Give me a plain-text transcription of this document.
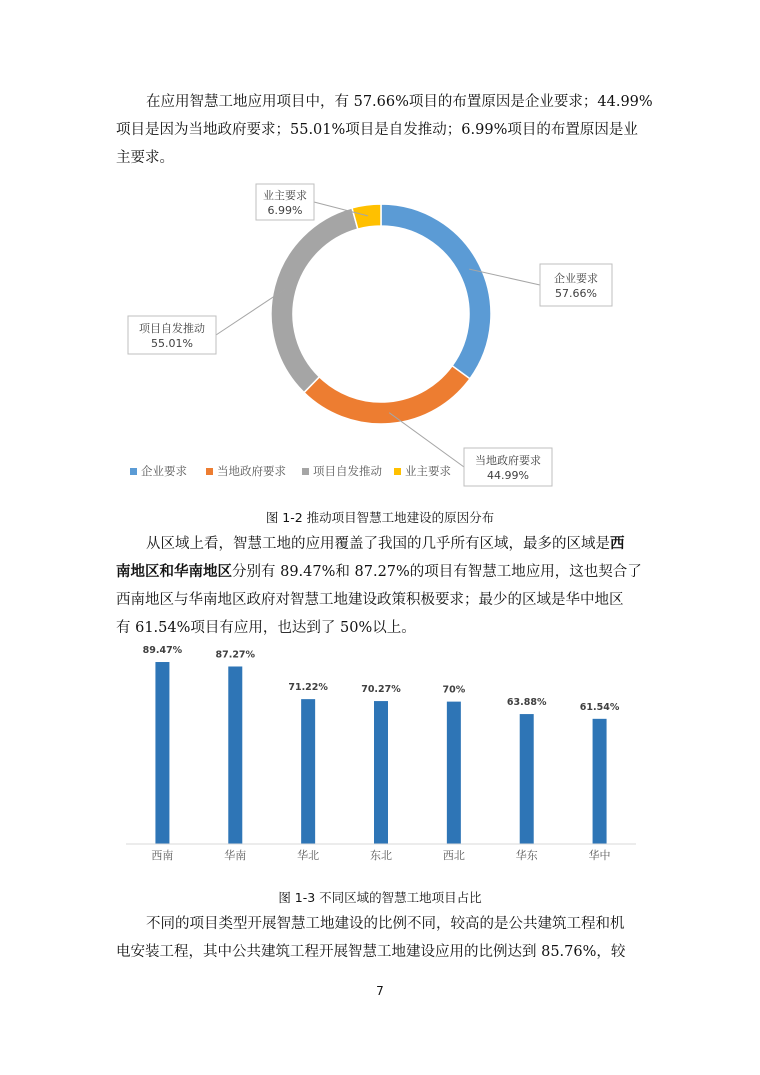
在应用智慧工地应用项目中，有 57.66%项目的布置原因是企业要求；44.99%
项目是因为当地政府要求；55.01%项目是自发推动；6.99%项目的布置原因是业
主要求。
企业要求
57.66%
当地政府要求
44.99%
项目自发推动
55.01%
业主要求
6.99%
企业要求	当地政府要求 项目自发推动 业主要求
图 1-2 推动项目智慧工地建设的原因分布
从区域上看，智慧工地的应用覆盖了我国的几乎所有区域，最多的区域是西
南地区和华南地区分别有 89.47%和 87.27%的项目有智慧工地应用，这也契合了
西南地区与华南地区政府对智慧工地建设政策积极要求；最少的区域是华中地区
有 61.54%项目有应用，也达到了 50%以上。
89.47%	87.27%
71.22%	70.27%	70%
63.88%	61.54%
西南	华南	华北	东北	西北	华东	华中
图 1-3 不同区域的智慧工地项目占比
不同的项目类型开展智慧工地建设的比例不同，较高的是公共建筑工程和机
电安装工程，其中公共建筑工程开展智慧工地建设应用的比例达到 85.76%，较
7
